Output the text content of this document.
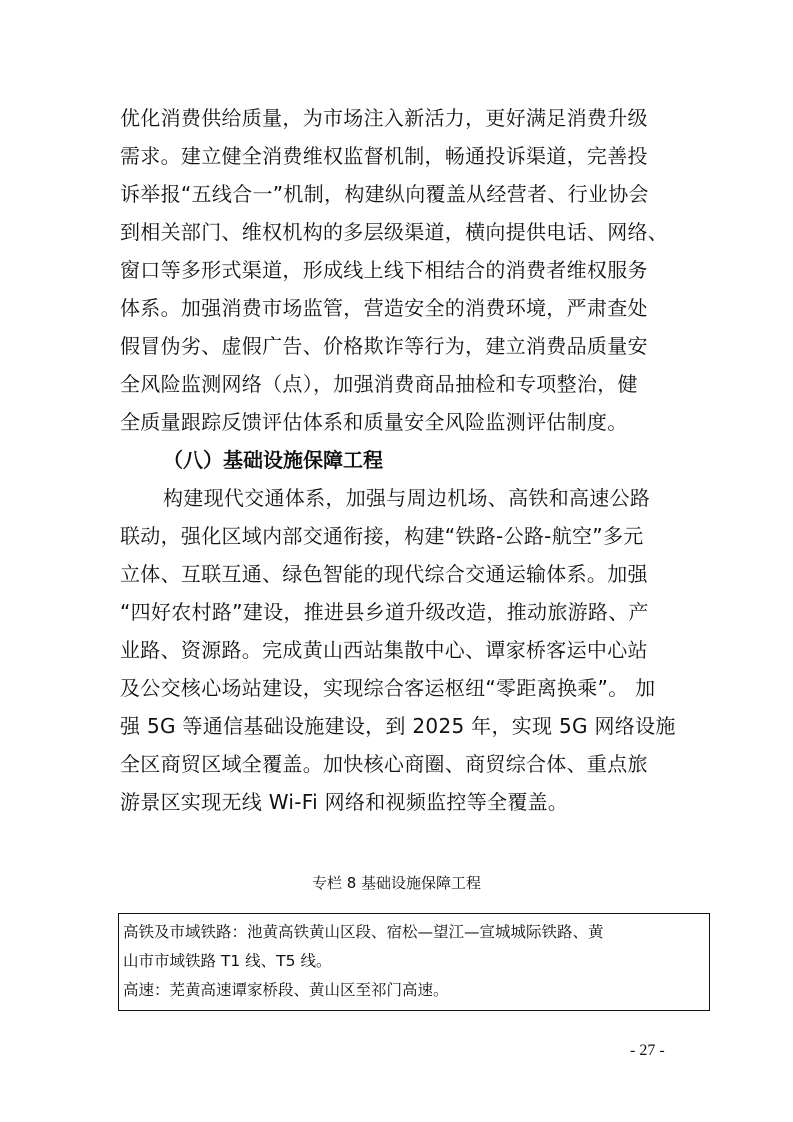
优化消费供给质量，为市场注入新活力，更好满足消费升级
需求。建立健全消费维权监督机制，畅通投诉渠道，完善投
诉举报“五线合一”机制，构建纵向覆盖从经营者、行业协会
到相关部门、维权机构的多层级渠道，横向提供电话、网络、
窗口等多形式渠道，形成线上线下相结合的消费者维权服务
体系。加强消费市场监管，营造安全的消费环境，严肃查处
假冒伪劣、虚假广告、价格欺诈等行为，建立消费品质量安
全风险监测网络（点），加强消费商品抽检和专项整治，健
全质量跟踪反馈评估体系和质量安全风险监测评估制度。
（八）基础设施保障工程
构建现代交通体系，加强与周边机场、高铁和高速公路
联动，强化区域内部交通衔接，构建“铁路-公路-航空”多元
立体、互联互通、绿色智能的现代综合交通运输体系。加强
“四好农村路”建设，推进县乡道升级改造，推动旅游路、产
业路、资源路。完成黄山西站集散中心、谭家桥客运中心站
及公交核心场站建设，实现综合客运枢纽“零距离换乘”。 加
强 5G 等通信基础设施建设，到 2025 年，实现 5G 网络设施
全区商贸区域全覆盖。加快核心商圈、商贸综合体、重点旅
游景区实现无线 Wi-Fi 网络和视频监控等全覆盖。
专栏 8 基础设施保障工程
高铁及市域铁路：池黄高铁黄山区段、宿松—望江—宣城城际铁路、黄
山市市域铁路 T1 线、T5 线。
高速：芜黄高速谭家桥段、黄山区至祁门高速。
- 27 -
